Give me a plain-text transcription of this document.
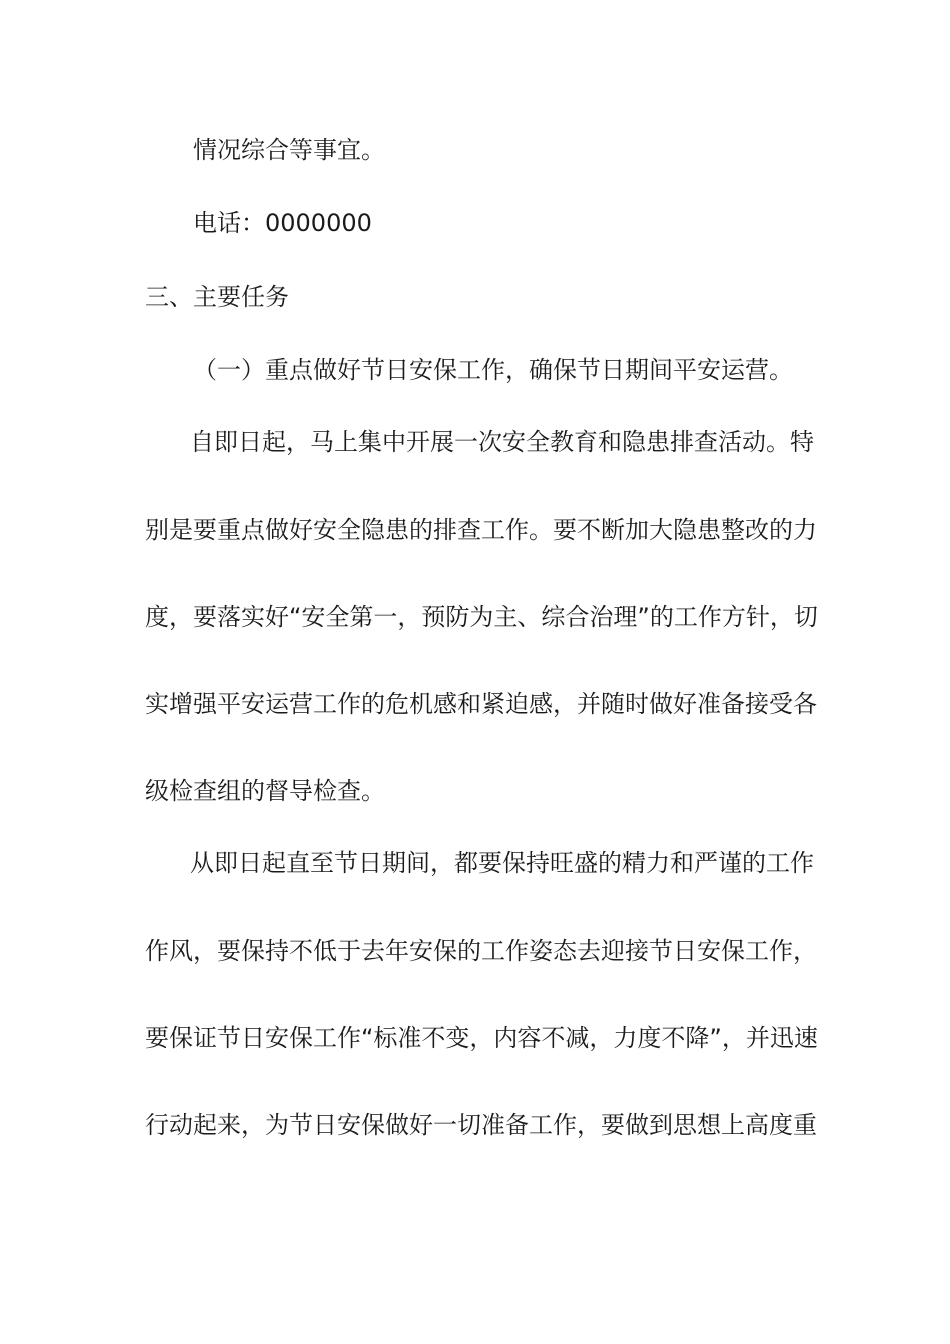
情况综合等事宜。
电话：0000000
三、主要任务
（一）重点做好节日安保工作，确保节日期间平安运营。
自即日起，马上集中开展一次安全教育和隐患排查活动。特
别是要重点做好安全隐患的排查工作。要不断加大隐患整改的力
度，要落实好“安全第一，预防为主、综合治理”的工作方针，切
实增强平安运营工作的危机感和紧迫感，并随时做好准备接受各
级检查组的督导检查。
从即日起直至节日期间，都要保持旺盛的精力和严谨的工作
作风，要保持不低于去年安保的工作姿态去迎接节日安保工作，
要保证节日安保工作“标准不变，内容不减，力度不降”，并迅速
行动起来，为节日安保做好一切准备工作，要做到思想上高度重
